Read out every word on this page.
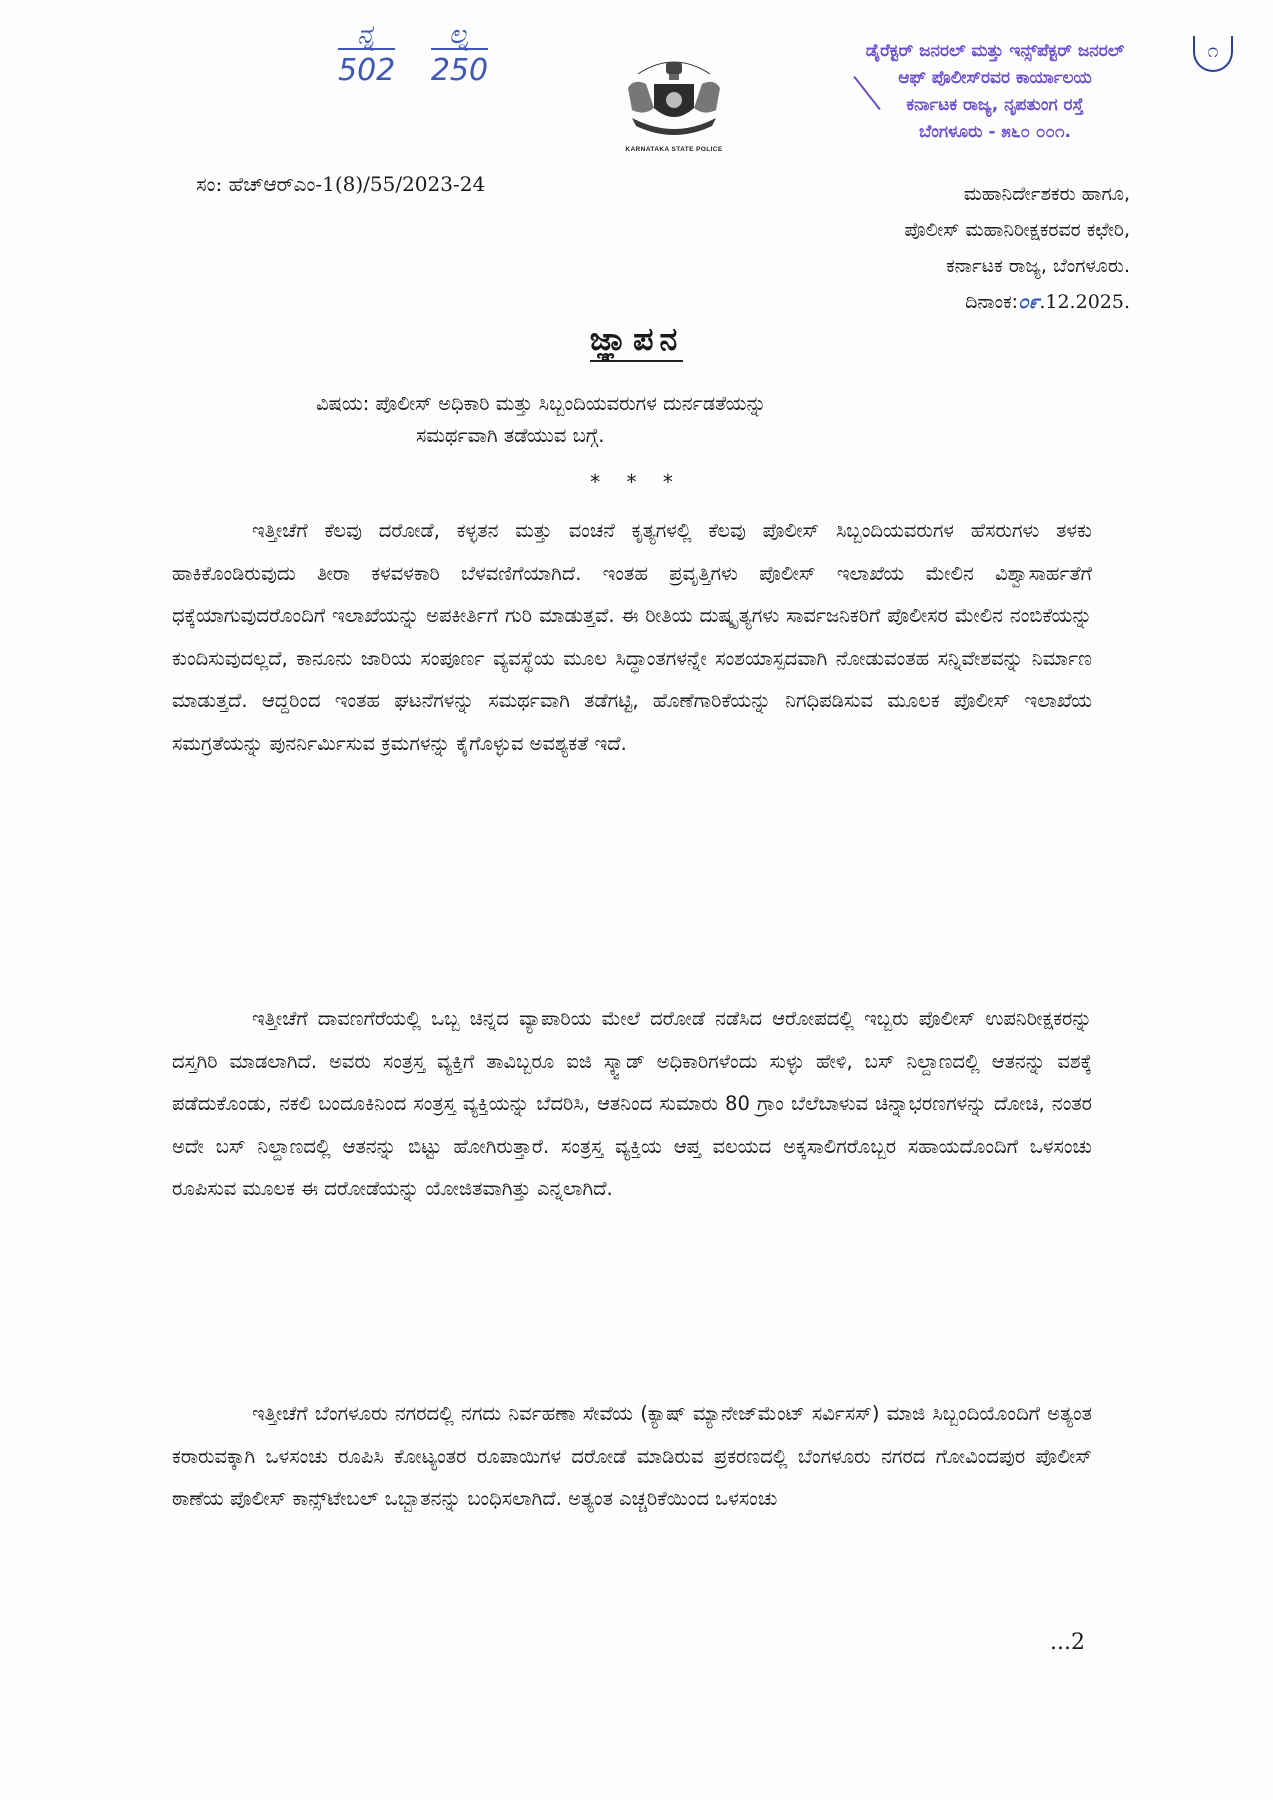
$\frac{\text{ನ್ನ}}{502}$
$\frac{\text{ಲ್ನ}}{250}$
KARNATAKA STATE POLICE
ಡೈರೆಕ್ಟರ್ ಜನರಲ್ ಮತ್ತು ಇನ್ಸ್‌ಪೆಕ್ಟರ್ ಜನರಲ್
ಆಫ್ ಪೊಲೀಸ್‌ರವರ ಕಾರ್ಯಾಲಯ
ಕರ್ನಾಟಕ ರಾಜ್ಯ, ನೃಪತುಂಗ ರಸ್ತೆ
ಬೆಂಗಳೂರು - ೫೬೦ ೦೦೧.
೧
ಸಂ: ಹೆಚ್‌ಆರ್‌ಎಂ-1(8)/55/2023-24	ಮಹಾನಿರ್ದೇಶಕರು ಹಾಗೂ,
ಪೊಲೀಸ್ ಮಹಾನಿರೀಕ್ಷಕರವರ ಕಛೇರಿ,
ಕರ್ನಾಟಕ ರಾಜ್ಯ, ಬೆಂಗಳೂರು.
ದಿನಾಂಕ:೦೯.12.2025.
ಜ್ಞಾಪನ
ವಿಷಯ: ಪೊಲೀಸ್ ಅಧಿಕಾರಿ ಮತ್ತು ಸಿಬ್ಬಂದಿಯವರುಗಳ ದುರ್ನಡತೆಯನ್ನು
ಸಮರ್ಥವಾಗಿ ತಡೆಯುವ ಬಗ್ಗೆ.
* * *

ಇತ್ತೀಚೆಗೆ ಕೆಲವು ದರೋಡೆ, ಕಳ್ಳತನ ಮತ್ತು ವಂಚನೆ ಕೃತ್ಯಗಳಲ್ಲಿ ಕೆಲವು ಪೊಲೀಸ್ ಸಿಬ್ಬಂದಿಯವರುಗಳ ಹೆಸರುಗಳು ತಳಕು ಹಾಕಿಕೊಂಡಿರುವುದು ತೀರಾ ಕಳವಳಕಾರಿ ಬೆಳವಣಿಗೆಯಾಗಿದೆ. ಇಂತಹ ಪ್ರವೃತ್ತಿಗಳು ಪೊಲೀಸ್ ಇಲಾಖೆಯ ಮೇಲಿನ ವಿಶ್ವಾಸಾರ್ಹತೆಗೆ ಧಕ್ಕೆಯಾಗುವುದರೊಂದಿಗೆ ಇಲಾಖೆಯನ್ನು ಅಪಕೀರ್ತಿಗೆ ಗುರಿ ಮಾಡುತ್ತವೆ. ಈ ರೀತಿಯ ದುಷ್ಕೃತ್ಯಗಳು ಸಾರ್ವಜನಿಕರಿಗೆ ಪೊಲೀಸರ ಮೇಲಿನ ನಂಬಿಕೆಯನ್ನು ಕುಂದಿಸುವುದಲ್ಲದೆ, ಕಾನೂನು ಜಾರಿಯ ಸಂಪೂರ್ಣ ವ್ಯವಸ್ಥೆಯ ಮೂಲ ಸಿದ್ಧಾಂತಗಳನ್ನೇ ಸಂಶಯಾಸ್ಪದವಾಗಿ ನೋಡುವಂತಹ ಸನ್ನಿವೇಶವನ್ನು ನಿರ್ಮಾಣ ಮಾಡುತ್ತದೆ. ಆದ್ದರಿಂದ ಇಂತಹ ಘಟನೆಗಳನ್ನು ಸಮರ್ಥವಾಗಿ ತಡೆಗಟ್ಟಿ, ಹೊಣೆಗಾರಿಕೆಯನ್ನು ನಿಗಧಿಪಡಿಸುವ ಮೂಲಕ ಪೊಲೀಸ್ ಇಲಾಖೆಯ ಸಮಗ್ರತೆಯನ್ನು ಪುನರ್ನಿರ್ಮಿಸುವ ಕ್ರಮಗಳನ್ನು ಕೈಗೊಳ್ಳುವ ಅವಶ್ಯಕತೆ ಇದೆ.

ಇತ್ತೀಚೆಗೆ ದಾವಣಗೆರೆಯಲ್ಲಿ ಒಬ್ಬ ಚಿನ್ನದ ವ್ಯಾಪಾರಿಯ ಮೇಲೆ ದರೋಡೆ ನಡೆಸಿದ ಆರೋಪದಲ್ಲಿ ಇಬ್ಬರು ಪೊಲೀಸ್ ಉಪನಿರೀಕ್ಷಕರನ್ನು ದಸ್ತಗಿರಿ ಮಾಡಲಾಗಿದೆ. ಅವರು ಸಂತ್ರಸ್ತ ವ್ಯಕ್ತಿಗೆ ತಾವಿಬ್ಬರೂ ಐಜಿ ಸ್ಕ್ವಾಡ್ ಅಧಿಕಾರಿಗಳೆಂದು ಸುಳ್ಳು ಹೇಳಿ, ಬಸ್ ನಿಲ್ದಾಣದಲ್ಲಿ ಆತನನ್ನು ವಶಕ್ಕೆ ಪಡೆದುಕೊಂಡು, ನಕಲಿ ಬಂದೂಕಿನಿಂದ ಸಂತ್ರಸ್ತ ವ್ಯಕ್ತಿಯನ್ನು ಬೆದರಿಸಿ, ಆತನಿಂದ ಸುಮಾರು 80 ಗ್ರಾಂ ಬೆಲೆಬಾಳುವ ಚಿನ್ನಾಭರಣಗಳನ್ನು ದೋಚಿ, ನಂತರ ಅದೇ ಬಸ್ ನಿಲ್ದಾಣದಲ್ಲಿ ಆತನನ್ನು ಬಿಟ್ಟು ಹೋಗಿರುತ್ತಾರೆ. ಸಂತ್ರಸ್ತ ವ್ಯಕ್ತಿಯ ಆಪ್ತ ವಲಯದ ಅಕ್ಕಸಾಲಿಗರೊಬ್ಬರ ಸಹಾಯದೊಂದಿಗೆ ಒಳಸಂಚು ರೂಪಿಸುವ ಮೂಲಕ ಈ ದರೋಡೆಯನ್ನು ಯೋಜಿತವಾಗಿತ್ತು ಎನ್ನಲಾಗಿದೆ.

ಇತ್ತೀಚೆಗೆ ಬೆಂಗಳೂರು ನಗರದಲ್ಲಿ ನಗದು ನಿರ್ವಹಣಾ ಸೇವೆಯ (ಕ್ಯಾಷ್ ಮ್ಯಾನೇಜ್‌ಮೆಂಟ್ ಸರ್ವಿಸಸ್) ಮಾಜಿ ಸಿಬ್ಬಂದಿಯೊಂದಿಗೆ ಅತ್ಯಂತ ಕರಾರುವಕ್ಕಾಗಿ ಒಳಸಂಚು ರೂಪಿಸಿ ಕೋಟ್ಯಂತರ ರೂಪಾಯಿಗಳ ದರೋಡೆ ಮಾಡಿರುವ ಪ್ರಕರಣದಲ್ಲಿ ಬೆಂಗಳೂರು ನಗರದ ಗೋವಿಂದಪುರ ಪೊಲೀಸ್ ಠಾಣೆಯ ಪೊಲೀಸ್ ಕಾನ್ಸ್‌ಟೇಬಲ್ ಒಬ್ಬಾತನನ್ನು ಬಂಧಿಸಲಾಗಿದೆ. ಅತ್ಯಂತ ಎಚ್ಚರಿಕೆಯಿಂದ ಒಳಸಂಚು

...2
